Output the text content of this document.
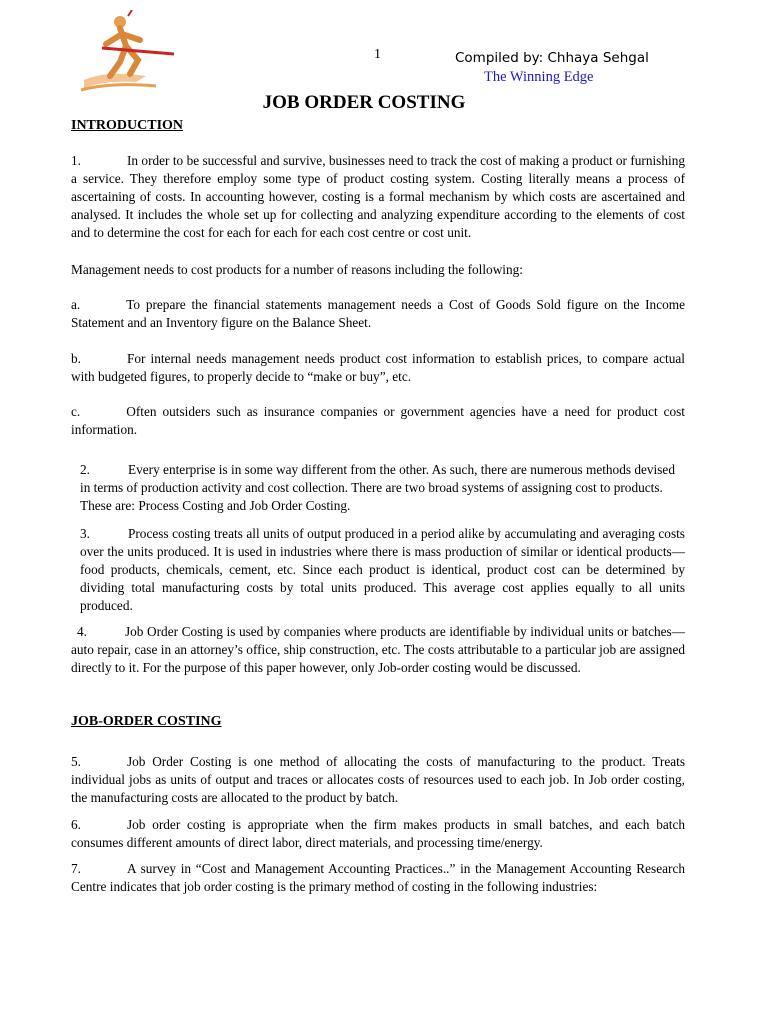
1	Compiled by: Chhaya Sehgal
The Winning Edge
JOB ORDER COSTING
INTRODUCTION
1.	In order to be successful and survive, businesses need to track the cost of making a product or furnishing a service. They therefore employ some type of product costing system. Costing literally means a process of ascertaining of costs. In accounting however, costing is a formal mechanism by which costs are ascertained and analysed. It includes the whole set up for collecting and analyzing expenditure according to the elements of cost and to determine the cost for each for each for each cost centre or cost unit.
Management needs to cost products for a number of reasons including the following:
a.	To prepare the financial statements management needs a Cost of Goods Sold figure on the Income Statement and an Inventory figure on the Balance Sheet.
b.	For internal needs management needs product cost information to establish prices, to compare actual with budgeted figures, to properly decide to “make or buy”, etc.
c.	Often outsiders such as insurance companies or government agencies have a need for product cost information.
2.	Every enterprise is in some way different from the other. As such, there are numerous methods devised in terms of production activity and cost collection. There are two broad systems of assigning cost to products. These are: Process Costing and Job Order Costing.
3.	Process costing treats all units of output produced in a period alike by accumulating and averaging costs over the units produced. It is used in industries where there is mass production of similar or identical products—food products, chemicals, cement, etc. Since each product is identical, product cost can be determined by dividing total manufacturing costs by total units produced. This average cost applies equally to all units produced.
4.	Job Order Costing is used by companies where products are identifiable by individual units or batches—auto repair, case in an attorney’s office, ship construction, etc. The costs attributable to a particular job are assigned directly to it. For the purpose of this paper however, only Job-order costing would be discussed.
JOB-ORDER COSTING
5.	Job Order Costing is one method of allocating the costs of manufacturing to the product. Treats individual jobs as units of output and traces or allocates costs of resources used to each job. In Job order costing, the manufacturing costs are allocated to the product by batch.
6.	Job order costing is appropriate when the firm makes products in small batches, and each batch consumes different amounts of direct labor, direct materials, and processing time/energy.
7.	A survey in “Cost and Management Accounting Practices..” in the Management Accounting Research Centre indicates that job order costing is the primary method of costing in the following industries:
